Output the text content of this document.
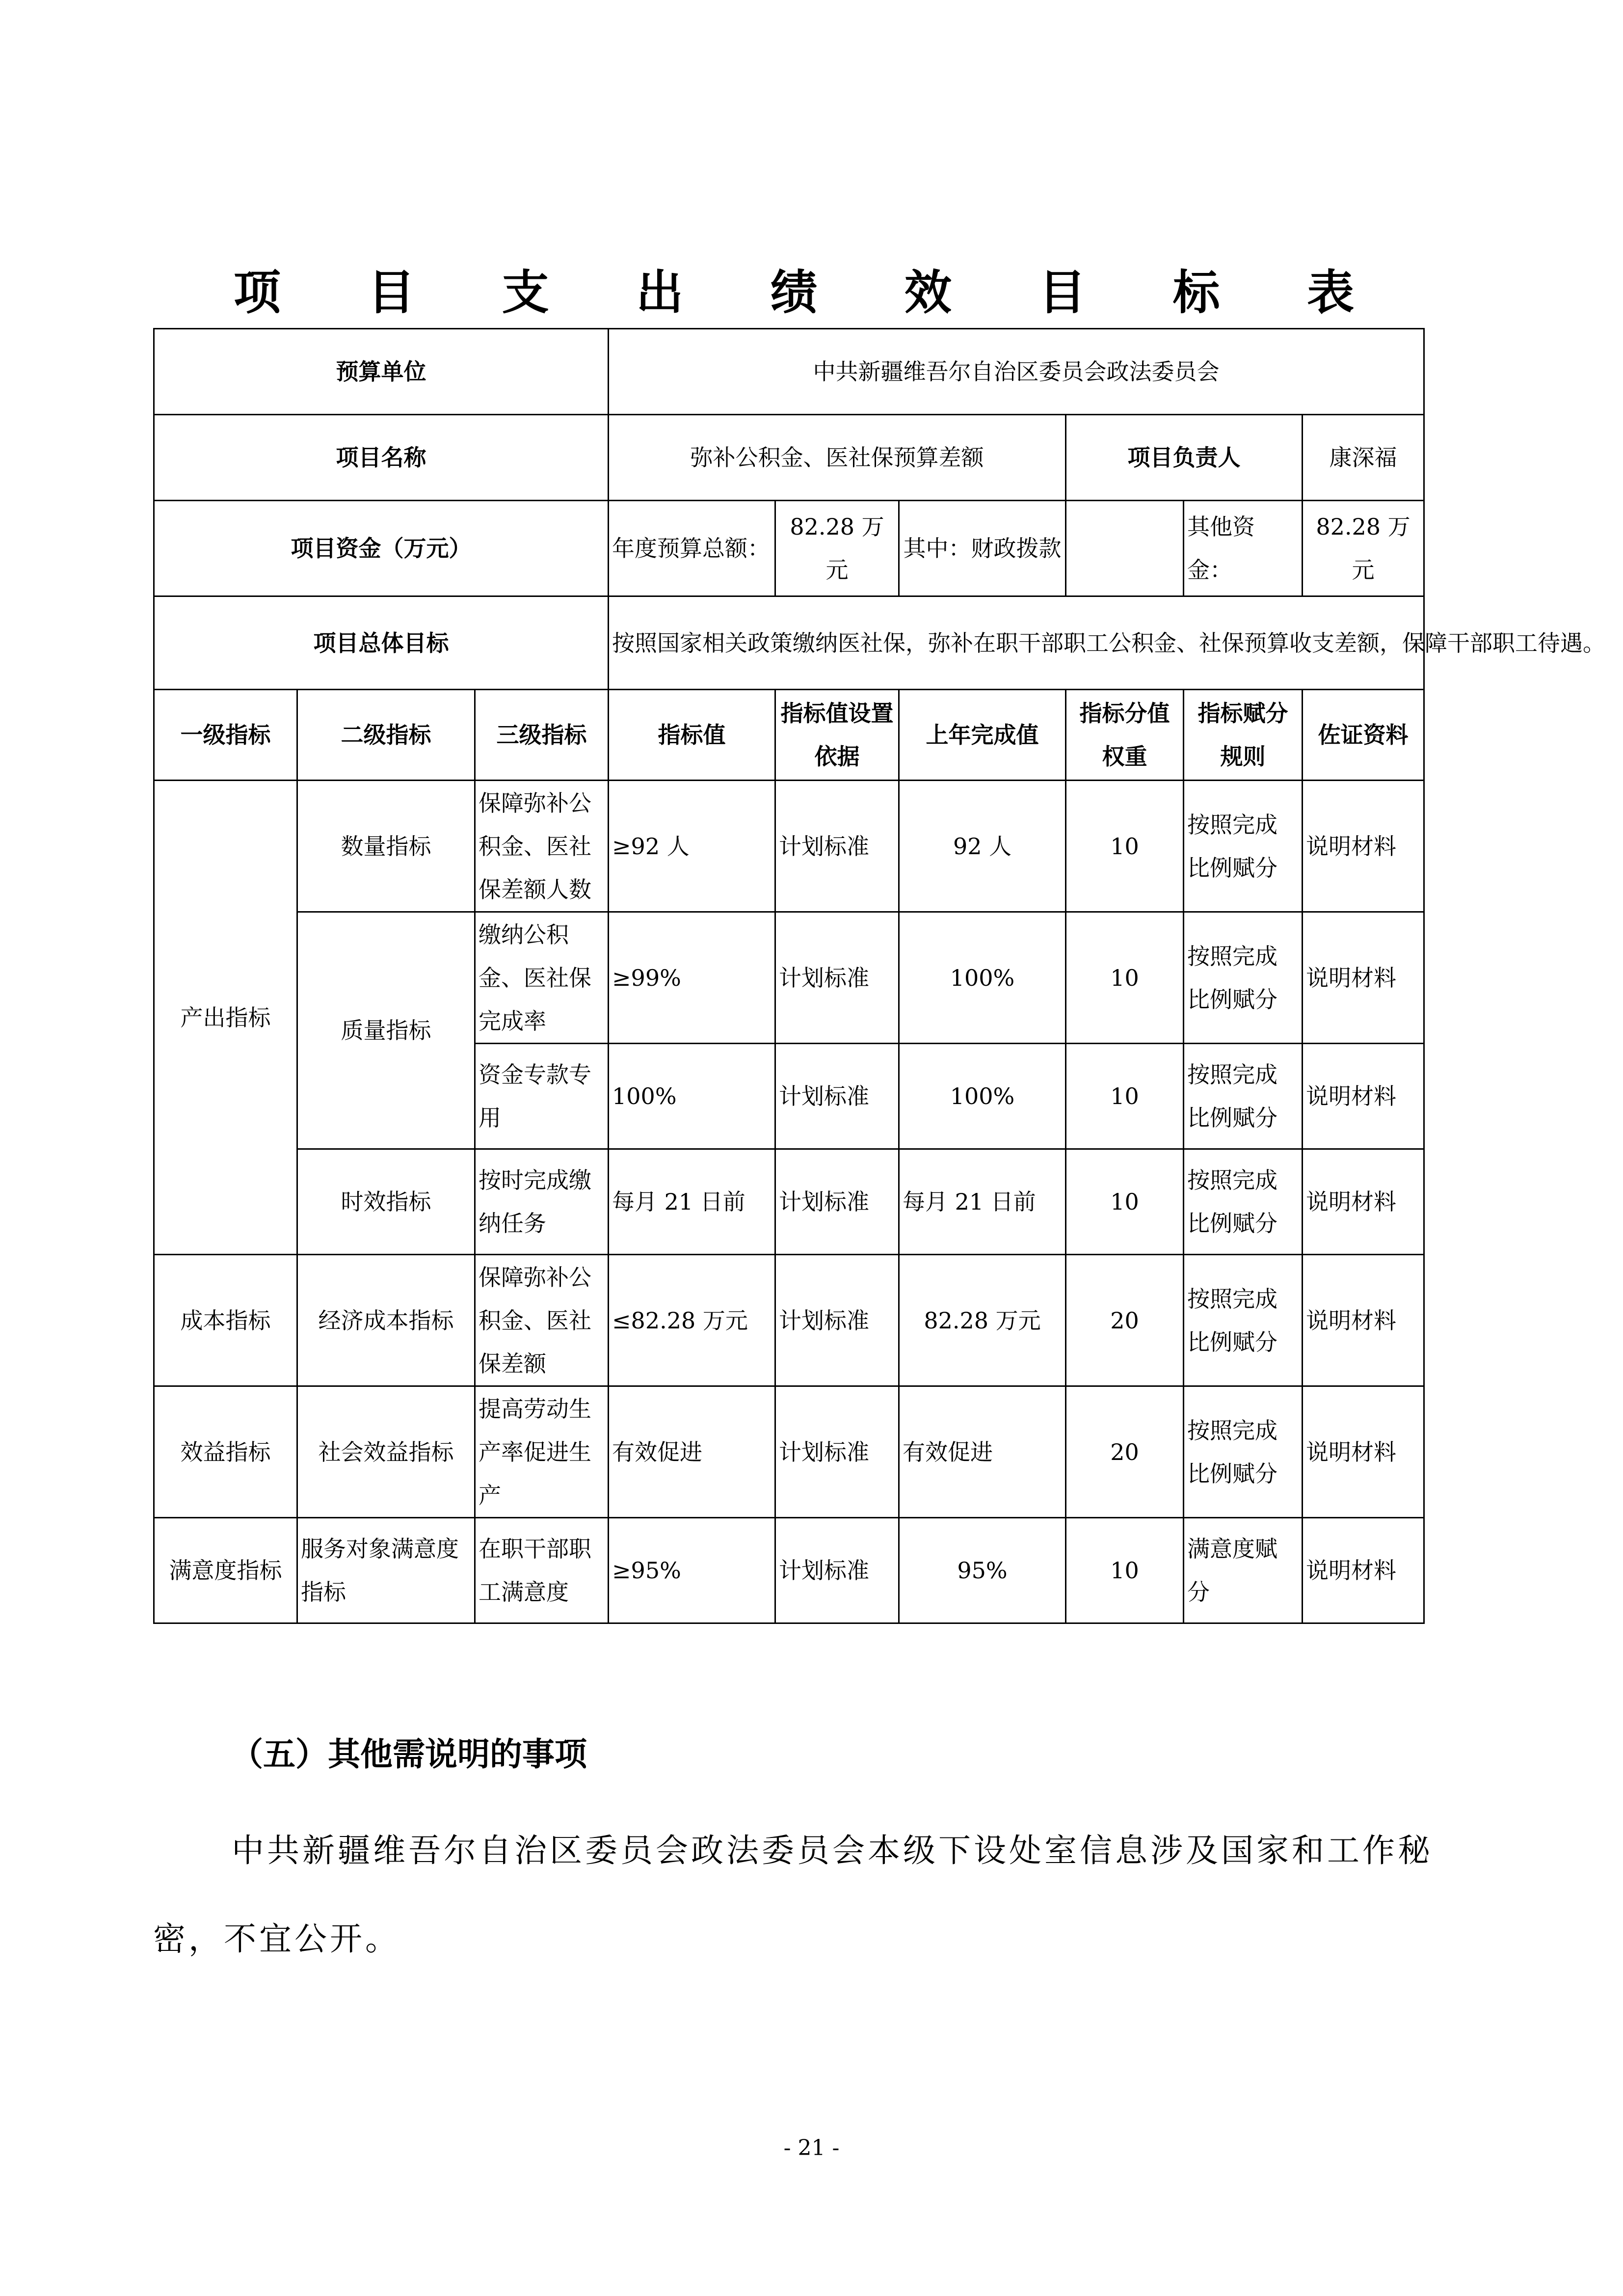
项 目 支 出 绩 效 目 标 表
预算单位			中共新疆维吾尔自治区委员会政法委员会					
项目名称			弥补公积金、医社保预算差额			项目负责人		康深福
项目资金（万元）			年度预算总额：	82.28 万元	其中：财政拨款		其他资金：	82.28 万元
项目总体目标			按照国家相关政策缴纳医社保，弥补在职干部职工公积金、社保预算收支差额，保障干部职工待遇。					
一级指标	二级指标	三级指标	指标值	指标值设置依据	上年完成值	指标分值权重	指标赋分规则	佐证资料
产出指标	数量指标	保障弥补公积金、医社保差额人数	≥92 人	计划标准	92 人	10	按照完成比例赋分	说明材料
	质量指标	缴纳公积金、医社保完成率	≥99%	计划标准	100%	10	按照完成比例赋分	说明材料
		资金专款专用	100%	计划标准	100%	10	按照完成比例赋分	说明材料
	时效指标	按时完成缴纳任务	每月 21 日前	计划标准	每月 21 日前	10	按照完成比例赋分	说明材料
成本指标	经济成本指标	保障弥补公积金、医社保差额	≤82.28 万元	计划标准	82.28 万元	20	按照完成比例赋分	说明材料
效益指标	社会效益指标	提高劳动生产率促进生产	有效促进	计划标准	有效促进	20	按照完成比例赋分	说明材料
满意度指标	服务对象满意度指标	在职干部职工满意度	≥95%	计划标准	95%	10	满意度赋分	说明材料
（五）其他需说明的事项
中共新疆维吾尔自治区委员会政法委员会本级下设处室信息涉及国家和工作秘密，不宜公开。
- 21 -
